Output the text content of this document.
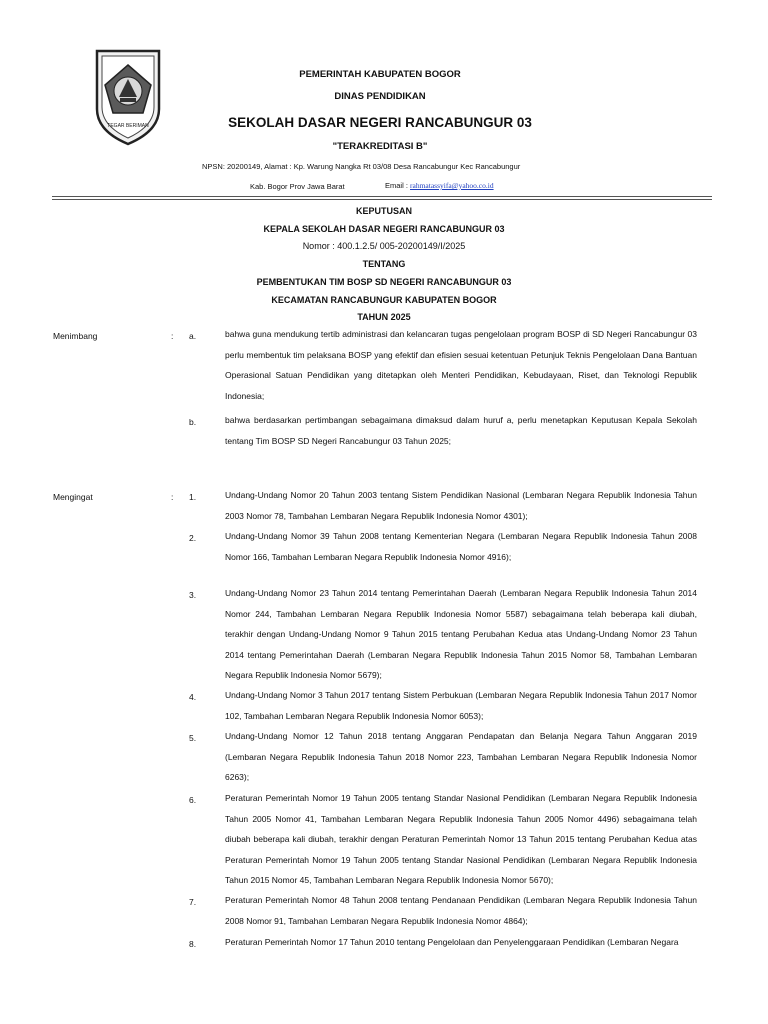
TEGAR BERIMAN
PEMERINTAH KABUPATEN BOGOR
DINAS PENDIDIKAN
SEKOLAH DASAR NEGERI RANCABUNGUR 03
"TERAKREDITASI B"
NPSN: 20200149, Alamat : Kp. Warung Nangka Rt 03/08 Desa Rancabungur Kec Rancabungur
Kab. Bogor Prov Jawa Barat	Email : rahmatassyifa@yahoo.co.id
KEPUTUSAN
KEPALA SEKOLAH DASAR NEGERI RANCABUNGUR 03
Nomor : 400.1.2.5/ 005-20200149/I/2025
TENTANG
PEMBENTUKAN TIM BOSP SD NEGERI RANCABUNGUR 03
KECAMATAN RANCABUNGUR KABUPATEN BOGOR
TAHUN 2025
Menimbang	: a.	bahwa guna mendukung tertib administrasi dan kelancaran tugas pengelolaan program BOSP di SD Negeri Rancabungur 03 perlu membentuk tim pelaksana BOSP yang efektif dan efisien sesuai ketentuan Petunjuk Teknis Pengelolaan Dana Bantuan Operasional Satuan Pendidikan yang ditetapkan oleh Menteri Pendidikan, Kebudayaan, Riset, dan Teknologi Republik Indonesia;
b.	bahwa berdasarkan pertimbangan sebagaimana dimaksud dalam huruf a, perlu menetapkan Keputusan Kepala Sekolah tentang Tim BOSP SD Negeri Rancabungur 03 Tahun 2025;
Mengingat	: 1.	Undang-Undang Nomor 20 Tahun 2003 tentang Sistem Pendidikan Nasional (Lembaran Negara Republik Indonesia Tahun 2003 Nomor 78, Tambahan Lembaran Negara Republik Indonesia Nomor 4301);
2.	Undang-Undang Nomor 39 Tahun 2008 tentang Kementerian Negara (Lembaran Negara Republik Indonesia Tahun 2008 Nomor 166, Tambahan Lembaran Negara Republik Indonesia Nomor 4916);
3.	Undang-Undang Nomor 23 Tahun 2014 tentang Pemerintahan Daerah (Lembaran Negara Republik Indonesia Tahun 2014 Nomor 244, Tambahan Lembaran Negara Republik Indonesia Nomor 5587) sebagaimana telah beberapa kali diubah, terakhir dengan Undang-Undang Nomor 9 Tahun 2015 tentang Perubahan Kedua atas Undang-Undang Nomor 23 Tahun 2014 tentang Pemerintahan Daerah (Lembaran Negara Republik Indonesia Tahun 2015 Nomor 58, Tambahan Lembaran Negara Republik Indonesia Nomor 5679);
4.	Undang-Undang Nomor 3 Tahun 2017 tentang Sistem Perbukuan (Lembaran Negara Republik Indonesia Tahun 2017 Nomor 102, Tambahan Lembaran Negara Republik Indonesia Nomor 6053);
5.	Undang-Undang Nomor 12 Tahun 2018 tentang Anggaran Pendapatan dan Belanja Negara Tahun Anggaran 2019 (Lembaran Negara Republik Indonesia Tahun 2018 Nomor 223, Tambahan Lembaran Negara Republik Indonesia Nomor 6263);
6.	Peraturan Pemerintah Nomor 19 Tahun 2005 tentang Standar Nasional Pendidikan (Lembaran Negara Republik Indonesia Tahun 2005 Nomor 41, Tambahan Lembaran Negara Republik Indonesia Tahun 2005 Nomor 4496) sebagaimana telah diubah beberapa kali diubah, terakhir dengan Peraturan Pemerintah Nomor 13 Tahun 2015 tentang Perubahan Kedua atas Peraturan Pemerintah Nomor 19 Tahun 2005 tentang Standar Nasional Pendidikan (Lembaran Negara Republik Indonesia Tahun 2015 Nomor 45, Tambahan Lembaran Negara Republik Indonesia Nomor 5670);
7.	Peraturan Pemerintah Nomor 48 Tahun 2008 tentang Pendanaan Pendidikan (Lembaran Negara Republik Indonesia Tahun 2008 Nomor 91, Tambahan Lembaran Negara Republik Indonesia Nomor 4864);
8.	Peraturan Pemerintah Nomor 17 Tahun 2010 tentang Pengelolaan dan Penyelenggaraan Pendidikan (Lembaran Negara
